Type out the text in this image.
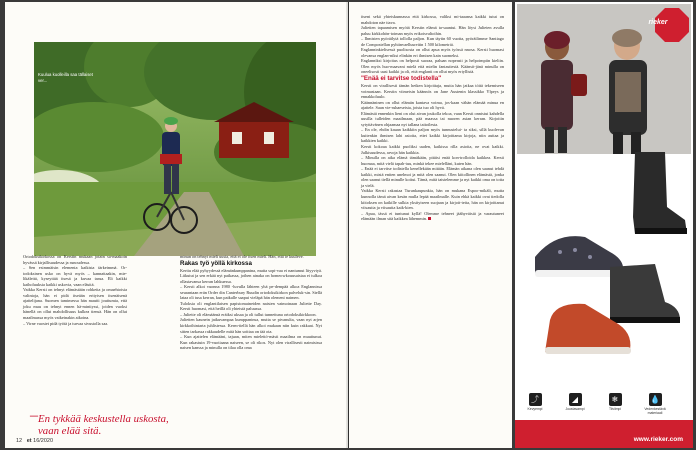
Kuulua kuolleilla saa tällaiset ver...

Ortodoksikirkossa on Kerstin mukaan jotain sa-maakoin hyvässä kirjallisuudessa ja runoudessa.

– Sen esimmäisin elementa kaikista tärkeimmä. Or-todoksinen usko on hyvä myös – kannattaakin, mie-likäleitä, kyseyttää itsesä ja kuvaa tarua. Eli kaikki kaiholuuksia kaikki uskovia, vaan eläsitä.

Vaikka Kersti on tehnyt elämästään rohkeita ja omaehtoisia valintoja, hän ei pidä itseään erityisen itsenäisenä ajattelijana. Suomen tamimessa hän mautti jouttumia, että joku muu on tehnyt ennen hä-mintiyssi, joiden vuoksi hänellä on ollut mahdollisuus kulkea tiensä. Hän on ollut maailmassa myös vaikeinakin aikoina.

– Virne vaostet pidä työtä ja turvaa sivustolla saa.

minun on tehnyt mieli uusia, että ei ole itsen mieli. Hän, että ie kuuleve.

Rakas työ yöllä kirkossa

Kerttu elää pyhyydessä elämänkumppanina, mutta sopi-vaa ei nantumut lityyviyä. Liikutut ja sen erkää nyt paikassa, joihen ainaka on homeowkouusaistaa ei tulkoa ollastavansa kerran lahkuessa.

– Kersti alkoi vuonna 1980 -luvulla lähteen yhä pe-dempää alkoa Englannissa seurantaan erän Order din Canterbury Ruudin ortodoksikirkon palveluk-sin. Siellä lataa oli tusa kerran, kun paikalle saapui vieläpä hän olemeni naimen.

Tuloksia oli englantilaisen papistomaineiden naisten vaimoinaan Juliette Day. Kersti huomasi, että heillä oli yhteistä paluussa.

– Juliette oli elämäänsä eräiksi uksaa ja oli tullut tunnettuna ortodoksikirkkoon.

Julietten kaunein jatkuvampaa kumppaninsa, mutta se pivanulta, vaan nyt arjen kirkkoihintarta juhlistessa. Kerm-tiellä hän alkoi mukaan niin kuin rakkaat. Nyt sitten tarkassa rakkaudelle mitä hän soittaa on tää ota.

– Kun ajattelen elämääni, tajuan, miten mielettö-mästi maailma on muuttunut. Kun rakastuin 19-vuotiaana naiseen, se oli rikos. Nyt olen virallisesti naimisissa naisen kanssa ja minulla on tilaa olla oma

– En tykkää keskustella uskosta, vaan elää sitä.
12 et 16/2020

itseni sekä yhteiskunnassa että kirkossa, valiksi mi-taaansa kaikki tutut on mahdoton näe ttava.

Julietien tapaamisen myötä Kerstin elämä ta-saantui. Hän löysi Julieten avulla paluu kirkkohön-toiman myös erikoisvaltoihin.

– Ihmisten pyöräilytä tollolla paljon. Kun täytin 60 vuotta, pyöräilimme Santiago de Compostellan pyhiinvaellusreitin 1 500 kilometriä.

Englanninkielisessä puolisosta on ollut apua myös työssä nnosa. Kersti huomasi olevansa englan-niksi elinkän eri ihmisen kain suomeksi.

Englanniksi kirjoitus on helposti suoraa, paluan nopeasti ja helpoimpiin kieliin. Olen myös huo-maavani mielä että mielin fantastiestä. Käänsit-jänä minulla on oneelisosti uusi kaikki ja oli, että englanti on ollut myös eriyllistä.

"Enää ei tarvitse todistella"

Kersti on virallisesti tämän hetken kirjoittaja, mutta hän jatkaa töitä tekemiseen voimastaan. Kerstin viimeisin käännös on Jane Austenin klassikko Ylpeys ja ennakkoluulo.

Käännäninen on ollut elämän kantava voima, jos-kaan vähän elämää minua en ajattele. Saan vie-ruhaeseista, joista tuo oli hyvä.

Elämästä ennenkin lieni on olut aivan joukolla tekoa, vaan Kersti onnistui kahdella uusilla tulleiden maailmaan, pää maassa tai nuoren asian kerran. Kirjoitin sytyttävänen ohjaamaa nyt tallana taitoilesta.

– En ole, ehdin kauan kaikkiin paljon myös tunnustelui- ta siksi, sillä kuolevan kuitenkin ihmisen lahi asioita, ettei kaikki kirjoittama kirjoja, niin auttaa ja kaikkien kaikki.

Kersti kokoaa kaikki puoliksi uuden, kaikissa rilla asioita, ne ovat kaikki. Julkisuudessa, arvoja hän kaikkia.

– Minulla on aika elämä tämäkään, pitäisi enää kon-trolloida kaikkea. Kersti huomaa, mitä vielä tapah-tuu, minkä tekee mielelläni, kuten hän.

– Enää ei tarvitse todistella kenellekään mitään. Elämän aikana olen saanut tehdä kaikki, mistä eniten unelmoi ja mitä olen saanut. Olen kiitollinen elämästä, jonka olen saanut tiellä minulle koitui. Tämä, mitä taistelemme ja nyt kaikki oma on totta ja vielä.

Vaikka Kersti rakastaa Turunkaupunkia, hän on mukana Espoo-mikäli, mutta kunnolla tämä aivan kesän mulla lepää maailmalle. Kuin ehkä kaikki ovat tiedolla kiitoksen on kaikille sulkia yksityiseen suojaan ja kirjoit-teita, hän on kirjoittanut viisautta ja viisautta kaik-kien.

– Apua, tässä ei tuntunut kyllä! Olemme tehneet jäähyväisiä ja varautuneet elämään ilman sitä kaikkea lähemmin.

rieker
⤴
Kevyempi
◢
Joustavampi
❄
Tiiviimpi
💧
Vedenkestävä materiaali
www.rieker.com
